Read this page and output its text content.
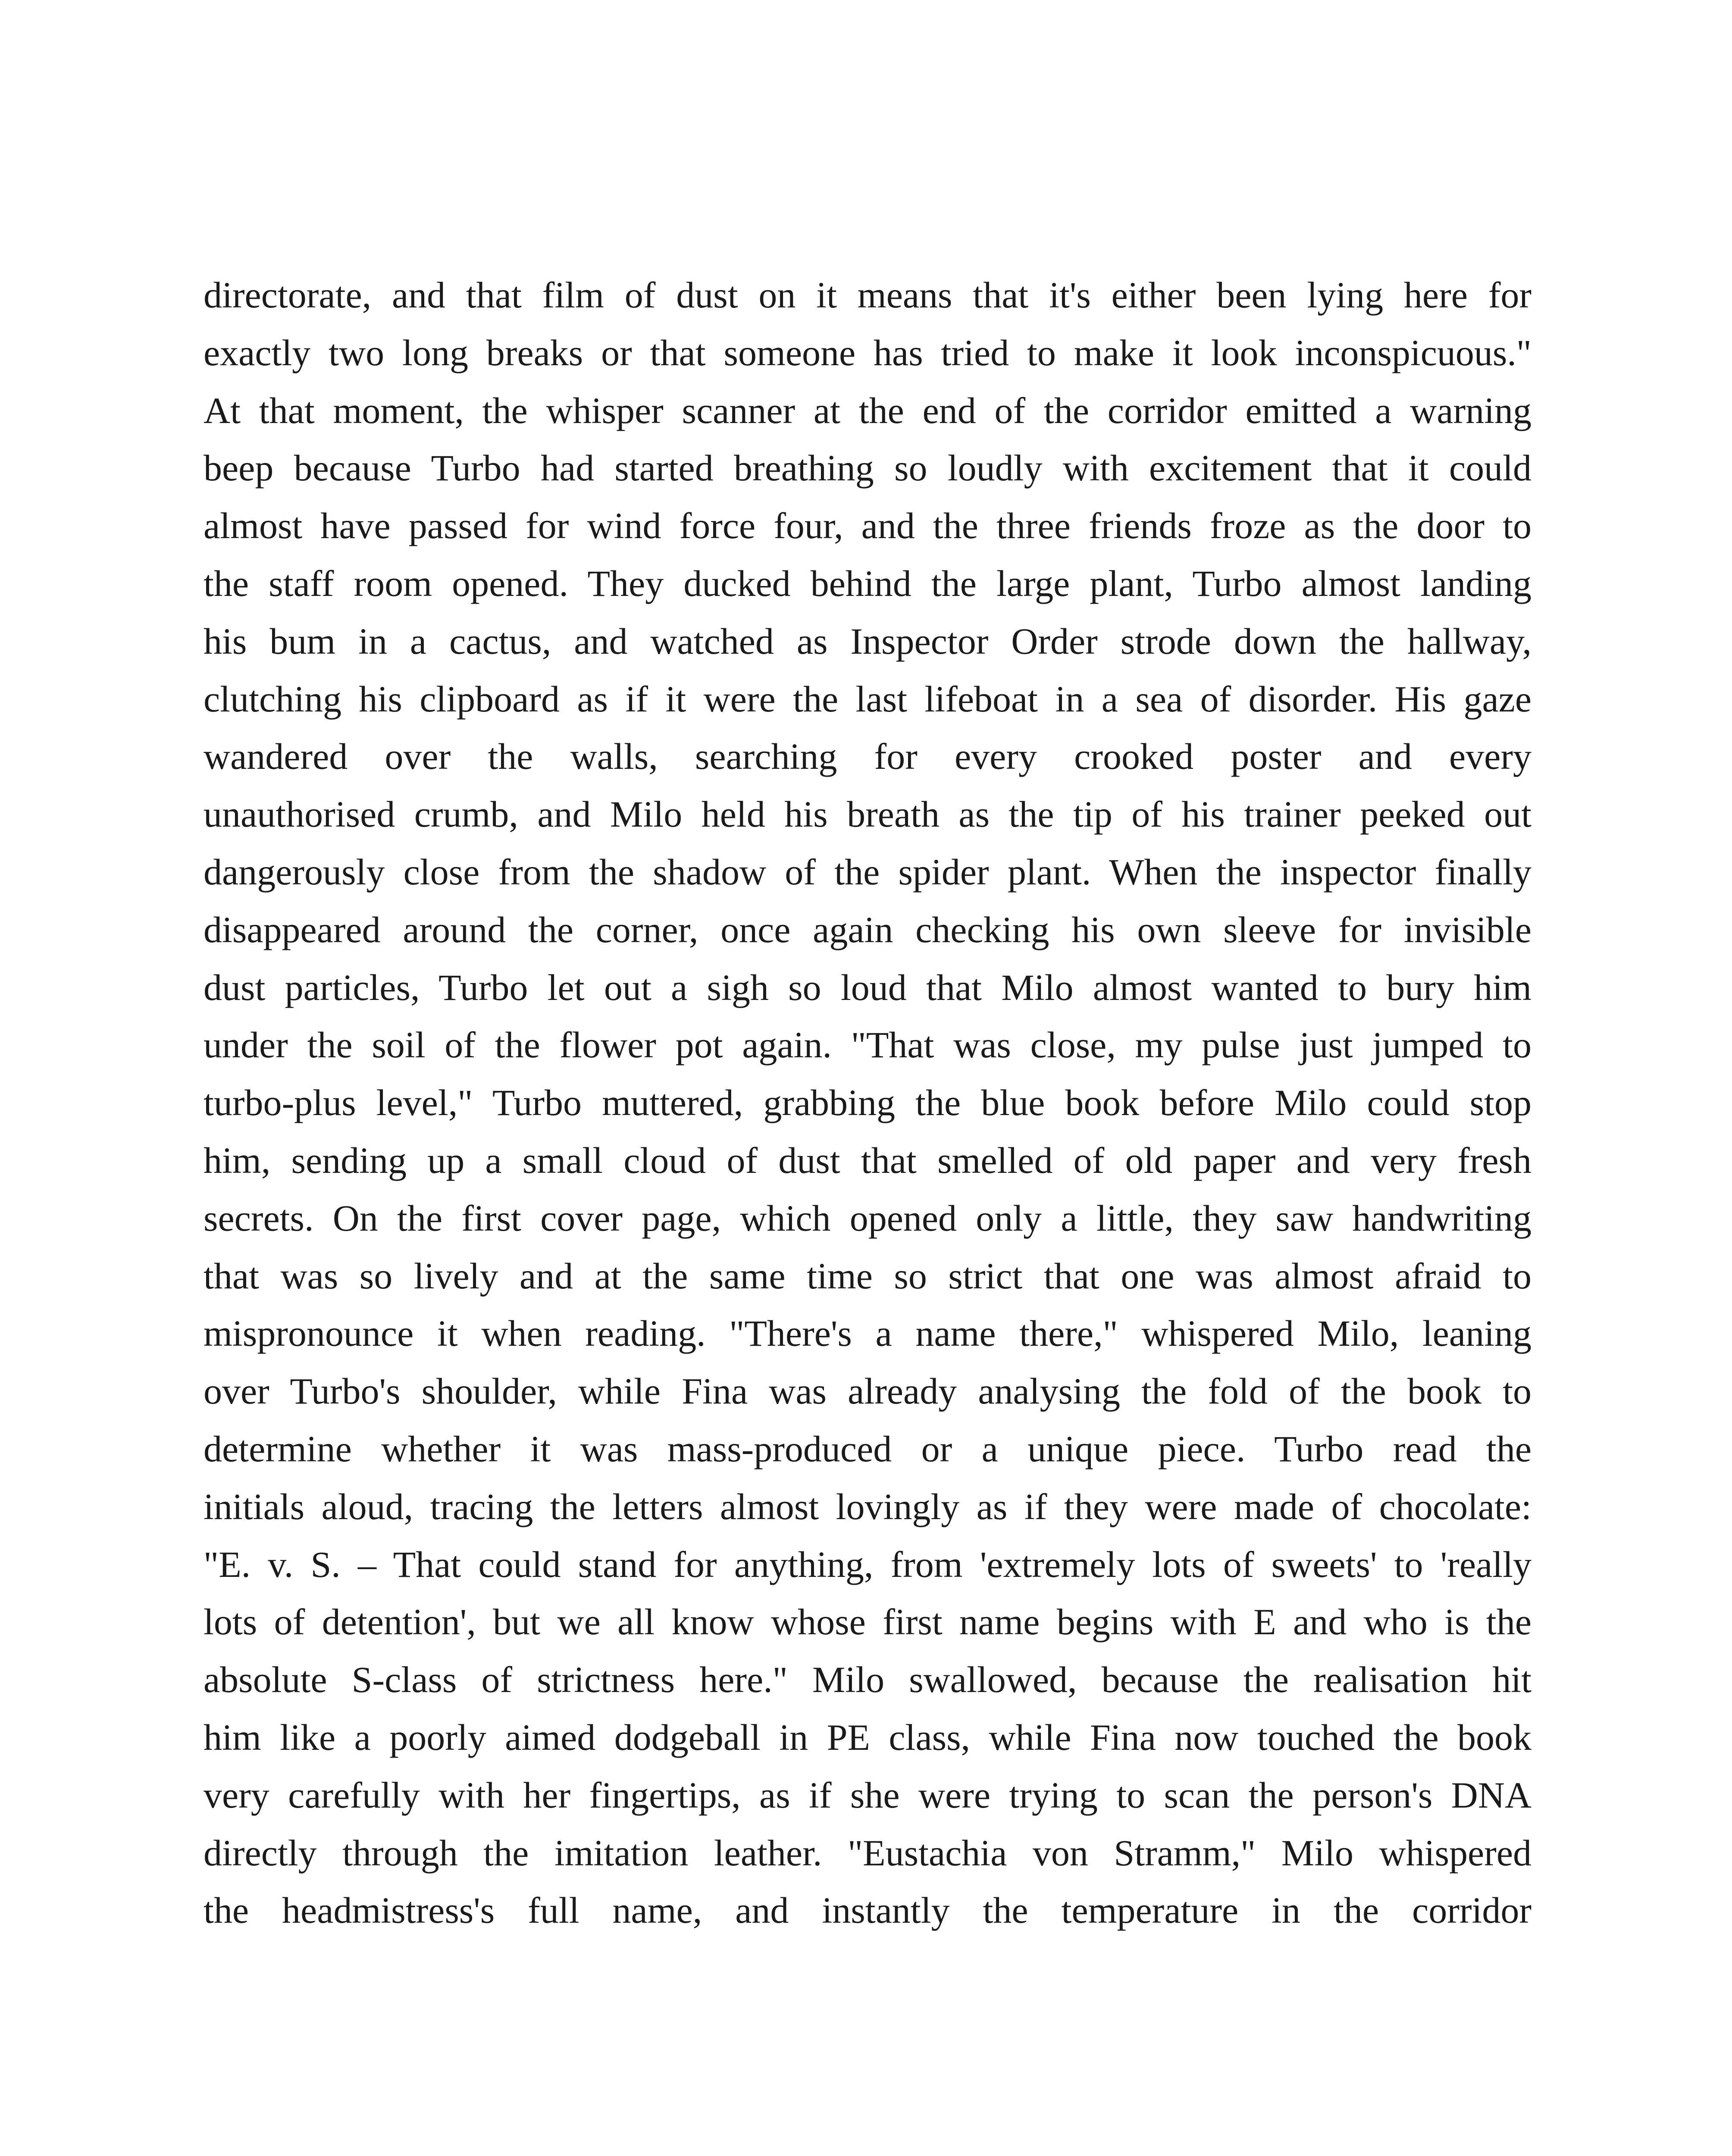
directorate, and that film of dust on it means that it's either been lying here for
exactly two long breaks or that someone has tried to make it look inconspicuous."
At that moment, the whisper scanner at the end of the corridor emitted a warning
beep because Turbo had started breathing so loudly with excitement that it could
almost have passed for wind force four, and the three friends froze as the door to
the staff room opened. They ducked behind the large plant, Turbo almost landing
his bum in a cactus, and watched as Inspector Order strode down the hallway,
clutching his clipboard as if it were the last lifeboat in a sea of disorder. His gaze
wandered over the walls, searching for every crooked poster and every
unauthorised crumb, and Milo held his breath as the tip of his trainer peeked out
dangerously close from the shadow of the spider plant. When the inspector finally
disappeared around the corner, once again checking his own sleeve for invisible
dust particles, Turbo let out a sigh so loud that Milo almost wanted to bury him
under the soil of the flower pot again. "That was close, my pulse just jumped to
turbo-plus level," Turbo muttered, grabbing the blue book before Milo could stop
him, sending up a small cloud of dust that smelled of old paper and very fresh
secrets. On the first cover page, which opened only a little, they saw handwriting
that was so lively and at the same time so strict that one was almost afraid to
mispronounce it when reading. "There's a name there," whispered Milo, leaning
over Turbo's shoulder, while Fina was already analysing the fold of the book to
determine whether it was mass-produced or a unique piece. Turbo read the
initials aloud, tracing the letters almost lovingly as if they were made of chocolate:
"E. v. S. – That could stand for anything, from 'extremely lots of sweets' to 'really
lots of detention', but we all know whose first name begins with E and who is the
absolute S-class of strictness here." Milo swallowed, because the realisation hit
him like a poorly aimed dodgeball in PE class, while Fina now touched the book
very carefully with her fingertips, as if she were trying to scan the person's DNA
directly through the imitation leather. "Eustachia von Stramm," Milo whispered
the headmistress's full name, and instantly the temperature in the corridor
